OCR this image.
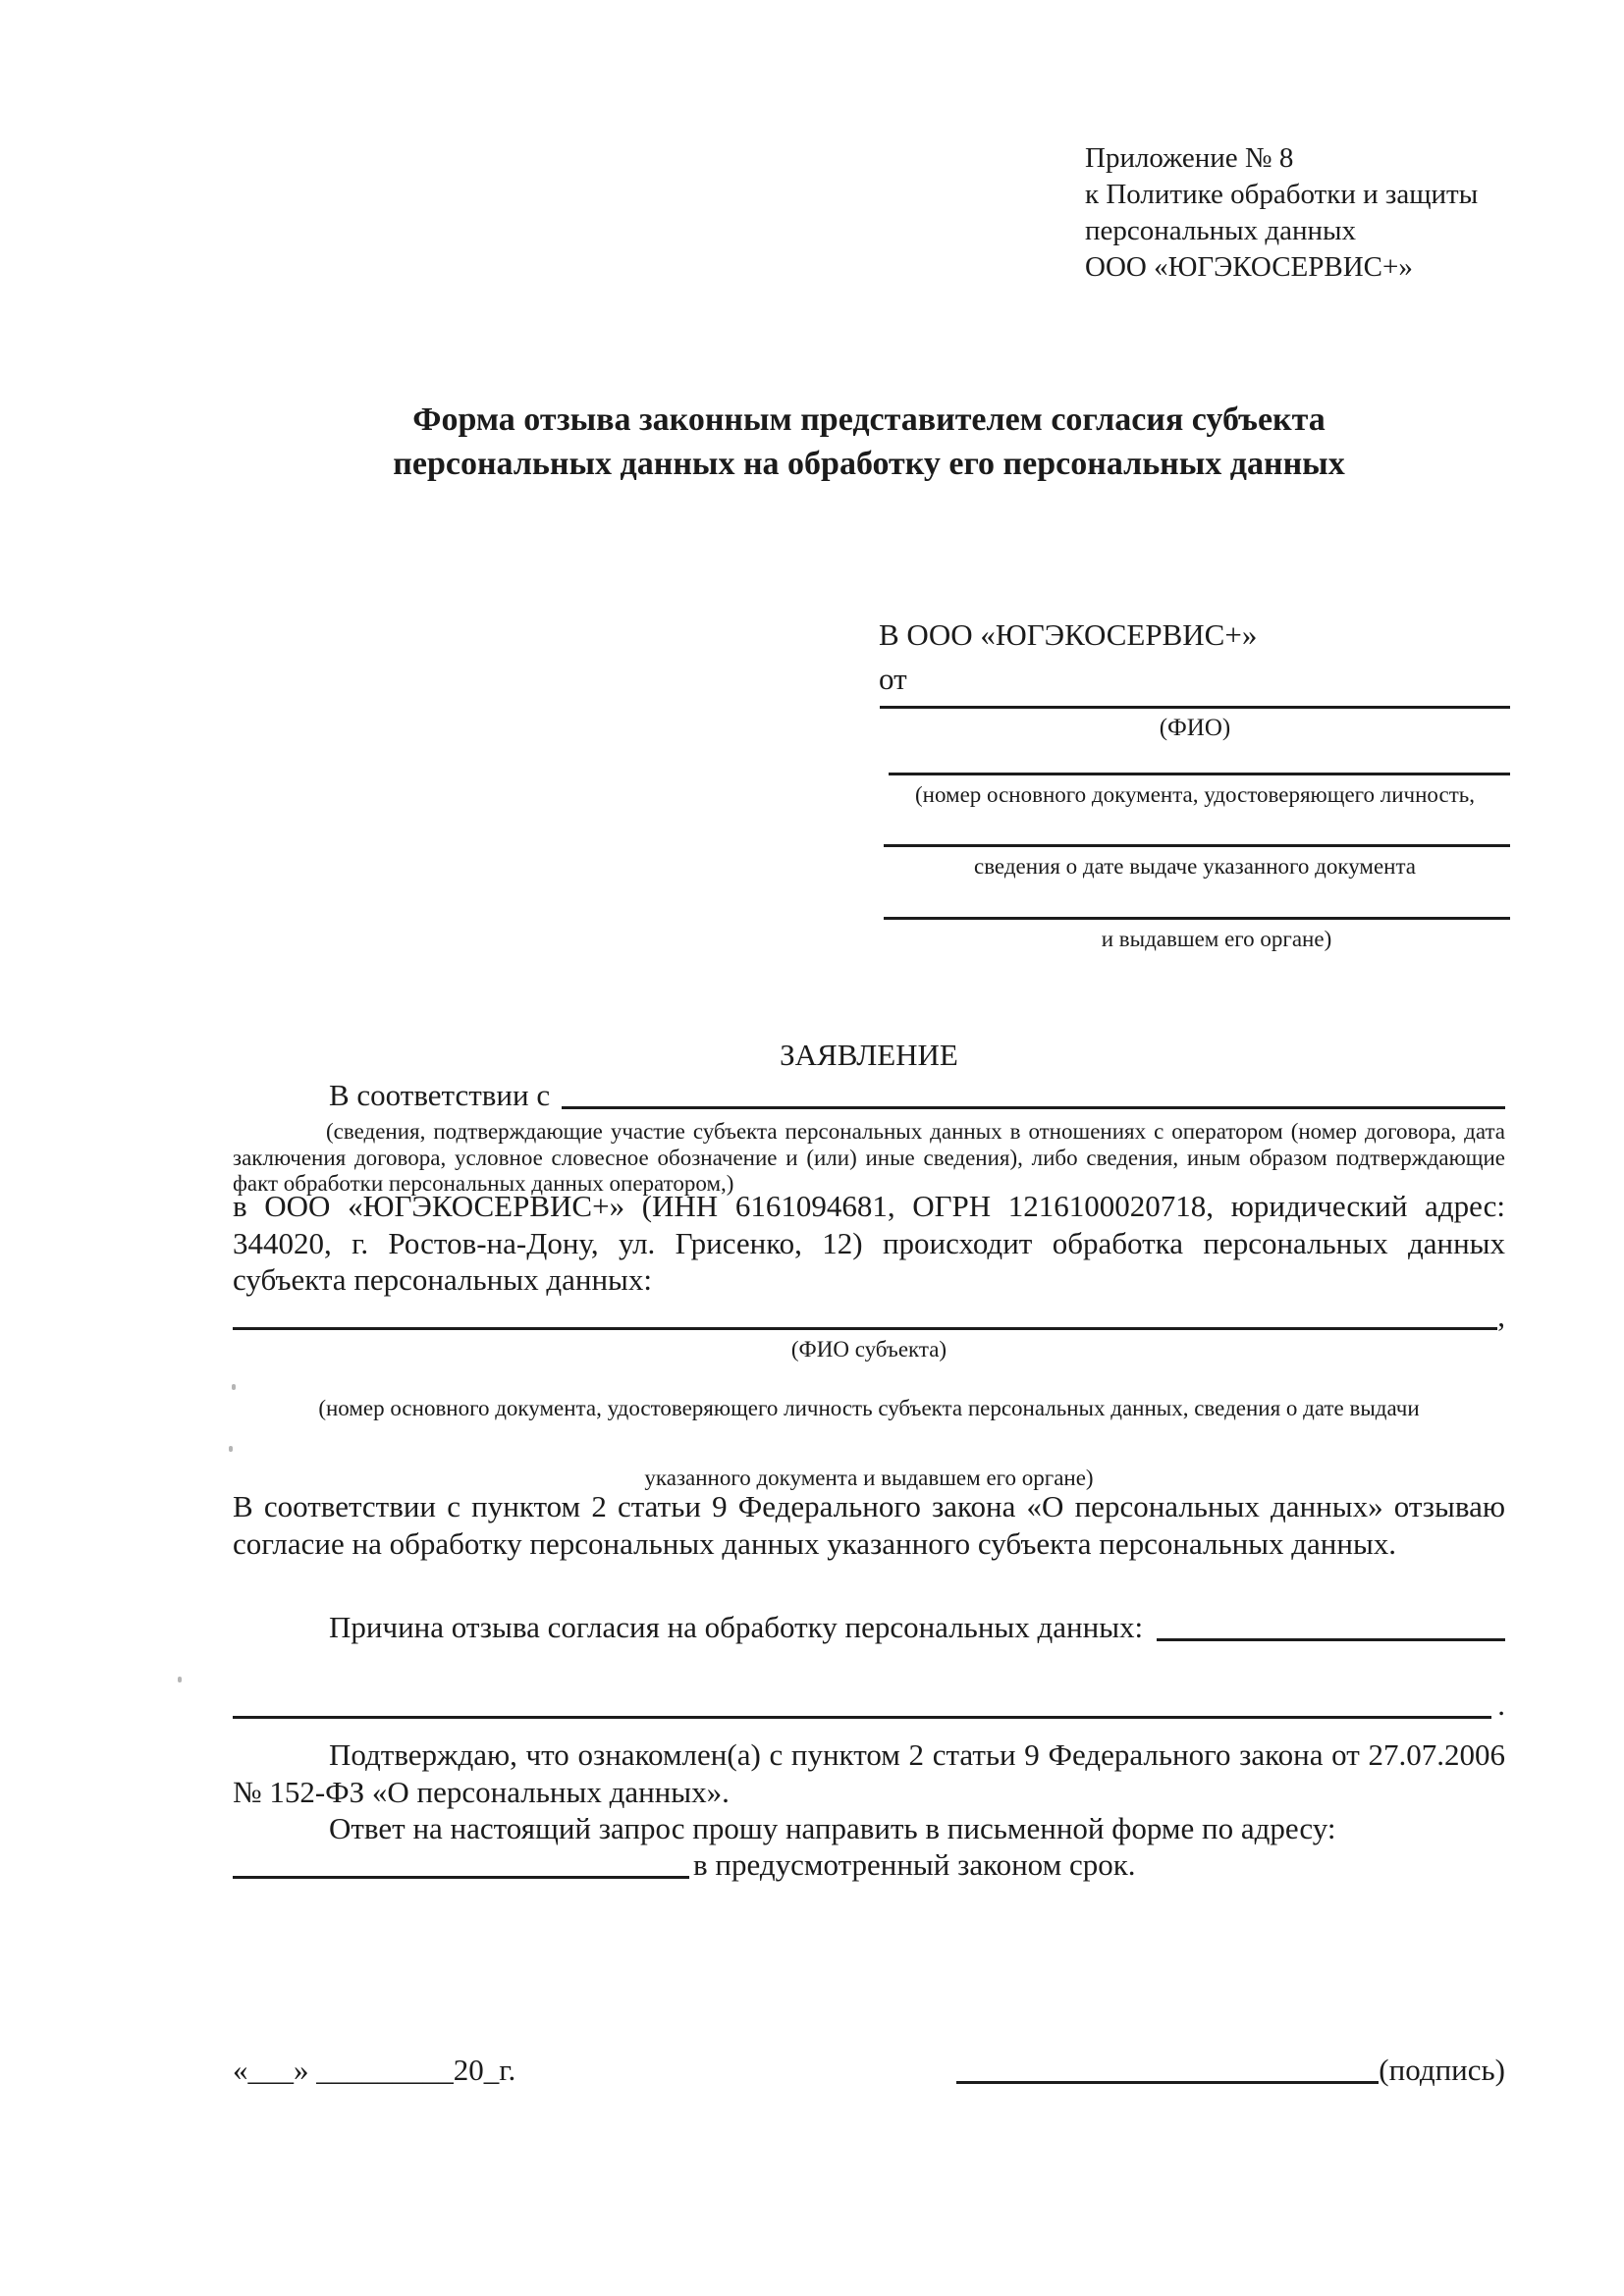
Приложение № 8
к Политике обработки и защиты
персональных данных
ООО «ЮГЭКОСЕРВИС+»
Форма отзыва законным представителем согласия субъекта
персональных данных на обработку его персональных данных
В ООО «ЮГЭКОСЕРВИС+»
от
(ФИО)
(номер основного документа, удостоверяющего личность,
сведения о дате выдаче указанного документа
и выдавшем его органе)
ЗАЯВЛЕНИЕ
В соответствии с
(сведения, подтверждающие участие субъекта персональных данных в отношениях с оператором (номер договора, дата заключения договора, условное словесное обозначение и (или) иные сведения), либо сведения, иным образом подтверждающие факт обработки персональных данных оператором,)
в ООО «ЮГЭКОСЕРВИС+» (ИНН 6161094681, ОГРН 1216100020718, юридический адрес: 344020, г. Ростов-на-Дону, ул. Грисенко, 12) происходит обработка персональных данных субъекта персональных данных:
,
(ФИО субъекта)
(номер основного документа, удостоверяющего личность субъекта персональных данных, сведения о дате выдачи
указанного документа и выдавшем его органе)
В соответствии с пунктом 2 статьи 9 Федерального закона «О персональных данных» отзываю согласие на обработку персональных данных указанного субъекта персональных данных.
Причина отзыва согласия на обработку персональных данных:
.
Подтверждаю, что ознакомлен(а) с пунктом 2 статьи 9 Федерального закона от 27.07.2006 № 152-ФЗ «О персональных данных».
Ответ на настоящий запрос прошу направить в письменной форме по адресу:
в предусмотренный законом срок.
«___» _________20_г.	(подпись)
